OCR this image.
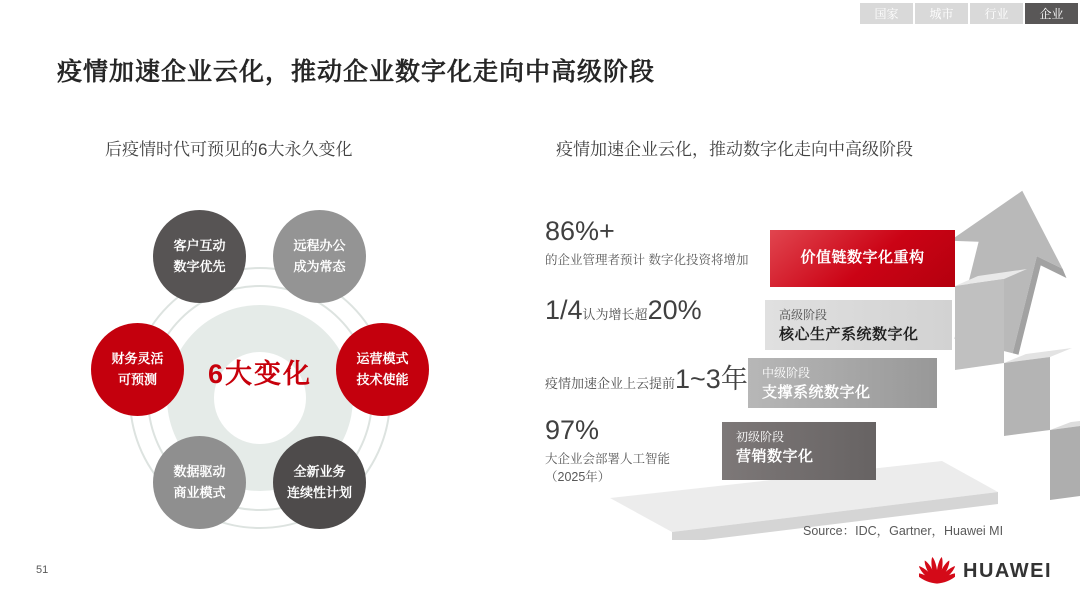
国家	城市	行业	企业
疫情加速企业云化，推动企业数字化走向中高级阶段
后疫情时代可预见的6大永久变化
客户互动
数字优先
远程办公
成为常态
财务灵活
可预测
运营模式
技术使能
数据驱动
商业模式
全新业务
连续性计划
6大变化
疫情加速企业云化，推动数字化走向中高级阶段
86%+
的企业管理者预计 数字化投资将增加
1/4认为增长超20%
疫情加速企业上云提前1~3年
97%
大企业会部署人工智能
（2025年）
价值链数字化重构
高级阶段
核心生产系统数字化
中级阶段
支撑系统数字化
初级阶段
营销数字化
Source：IDC，Gartner，Huawei MI
51	HUAWEI
